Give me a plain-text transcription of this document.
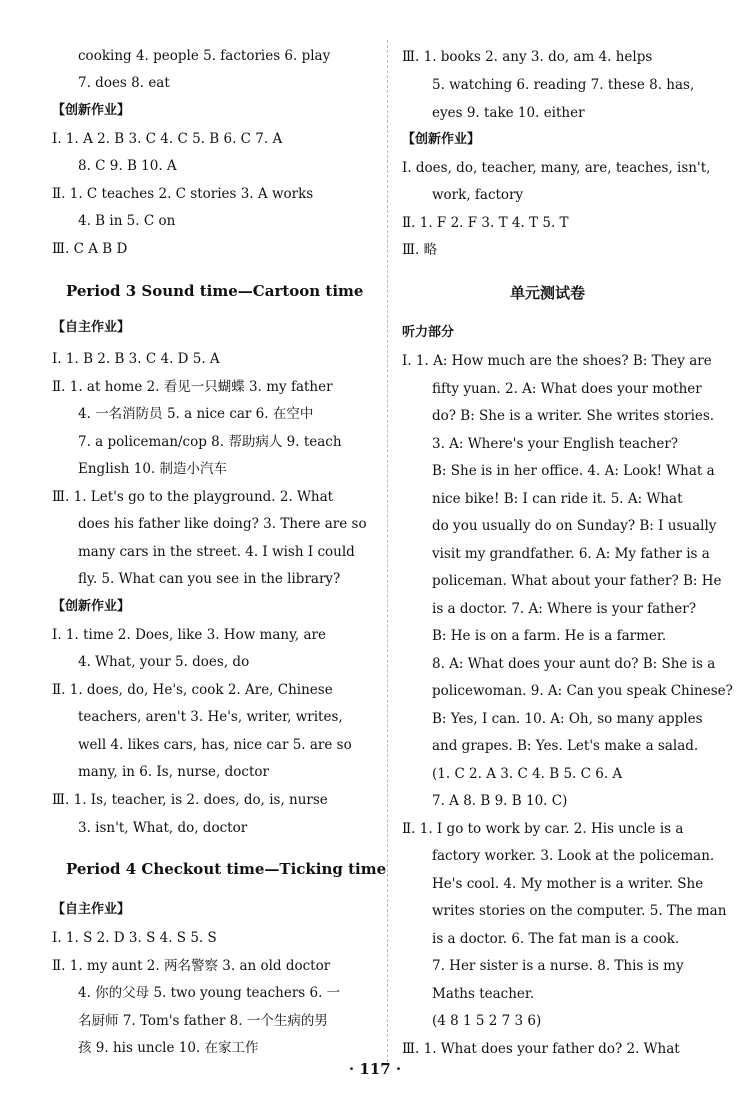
cooking 4. people 5. factories 6. play
7. does 8. eat
【创新作业】
Ⅰ. 1. A 2. B 3. C 4. C 5. B 6. C 7. A
8. C 9. B 10. A
Ⅱ. 1. C teaches 2. C stories 3. A works
4. B in 5. C on
Ⅲ. C A B D
Period 3 Sound time—Cartoon time
【自主作业】
Ⅰ. 1. B 2. B 3. C 4. D 5. A
Ⅱ. 1. at home 2. 看见一只蝴蝶 3. my father
4. 一名消防员 5. a nice car 6. 在空中
7. a policeman/cop 8. 帮助病人 9. teach
English 10. 制造小汽车
Ⅲ. 1. Let's go to the playground. 2. What
does his father like doing? 3. There are so
many cars in the street. 4. I wish I could
fly. 5. What can you see in the library?
【创新作业】
Ⅰ. 1. time 2. Does, like 3. How many, are
4. What, your 5. does, do
Ⅱ. 1. does, do, He's, cook 2. Are, Chinese
teachers, aren't 3. He's, writer, writes,
well 4. likes cars, has, nice car 5. are so
many, in 6. Is, nurse, doctor
Ⅲ. 1. Is, teacher, is 2. does, do, is, nurse
3. isn't, What, do, doctor
Period 4 Checkout time—Ticking time
【自主作业】
Ⅰ. 1. S 2. D 3. S 4. S 5. S
Ⅱ. 1. my aunt 2. 两名警察 3. an old doctor
4. 你的父母 5. two young teachers 6. 一
名厨师 7. Tom's father 8. 一个生病的男
孩 9. his uncle 10. 在家工作
Ⅲ. 1. books 2. any 3. do, am 4. helps
5. watching 6. reading 7. these 8. has,
eyes 9. take 10. either
【创新作业】
Ⅰ. does, do, teacher, many, are, teaches, isn't,
work, factory
Ⅱ. 1. F 2. F 3. T 4. T 5. T
Ⅲ. 略
单元测试卷
听力部分
Ⅰ. 1. A: How much are the shoes? B: They are
fifty yuan. 2. A: What does your mother
do? B: She is a writer. She writes stories.
3. A: Where's your English teacher?
B: She is in her office. 4. A: Look! What a
nice bike! B: I can ride it. 5. A: What
do you usually do on Sunday? B: I usually
visit my grandfather. 6. A: My father is a
policeman. What about your father? B: He
is a doctor. 7. A: Where is your father?
B: He is on a farm. He is a farmer.
8. A: What does your aunt do? B: She is a
policewoman. 9. A: Can you speak Chinese?
B: Yes, I can. 10. A: Oh, so many apples
and grapes. B: Yes. Let's make a salad.
(1. C 2. A 3. C 4. B 5. C 6. A
7. A 8. B 9. B 10. C)
Ⅱ. 1. I go to work by car. 2. His uncle is a
factory worker. 3. Look at the policeman.
He's cool. 4. My mother is a writer. She
writes stories on the computer. 5. The man
is a doctor. 6. The fat man is a cook.
7. Her sister is a nurse. 8. This is my
Maths teacher.
(4 8 1 5 2 7 3 6)
Ⅲ. 1. What does your father do? 2. What
· 117 ·
